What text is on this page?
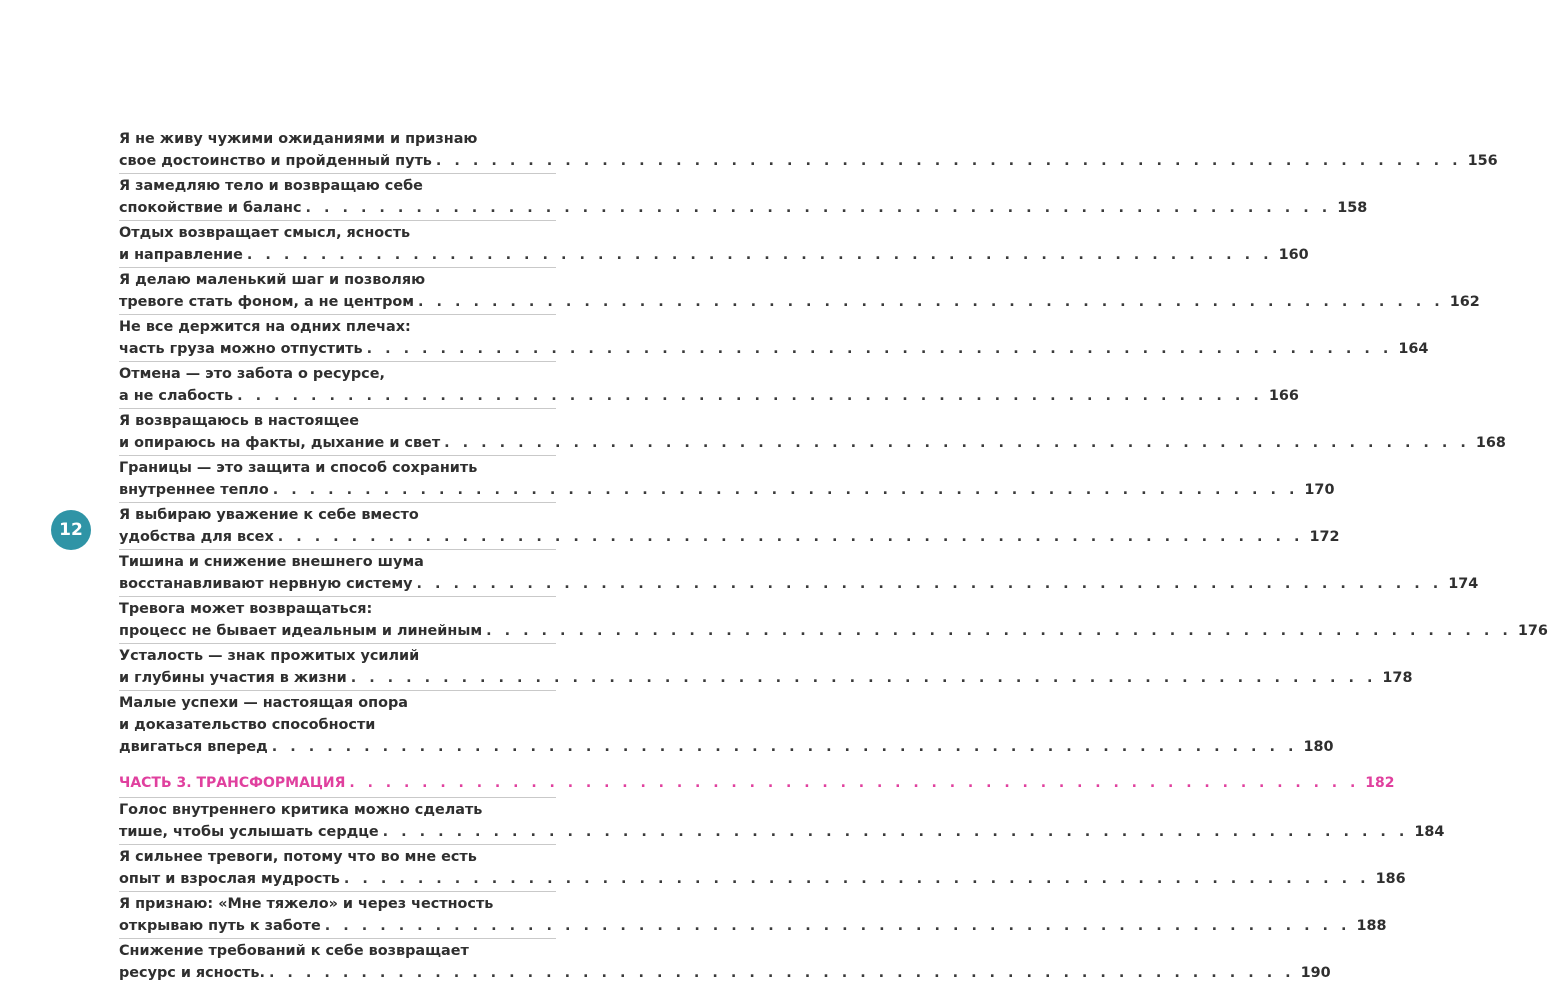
Я не живу чужими ожиданиями и признаю
свое достоинство и пройденный путь . . . . . . . . . . . . . . . . . . . . . . . . . . . . . . . . . . . . . . . . . . . . . . . . . . . . . . . . 156
Я замедляю тело и возвращаю себе
спокойствие и баланс . . . . . . . . . . . . . . . . . . . . . . . . . . . . . . . . . . . . . . . . . . . . . . . . . . . . . . . . 158
Отдых возвращает смысл, ясность
и направление . . . . . . . . . . . . . . . . . . . . . . . . . . . . . . . . . . . . . . . . . . . . . . . . . . . . . . . . 160
Я делаю маленький шаг и позволяю
тревоге стать фоном, а не центром . . . . . . . . . . . . . . . . . . . . . . . . . . . . . . . . . . . . . . . . . . . . . . . . . . . . . . . . 162
Не все держится на одних плечах:
часть груза можно отпустить . . . . . . . . . . . . . . . . . . . . . . . . . . . . . . . . . . . . . . . . . . . . . . . . . . . . . . . . 164
Отмена — это забота о ресурсе,
а не слабость . . . . . . . . . . . . . . . . . . . . . . . . . . . . . . . . . . . . . . . . . . . . . . . . . . . . . . . . 166
Я возвращаюсь в настоящее
и опираюсь на факты, дыхание и свет . . . . . . . . . . . . . . . . . . . . . . . . . . . . . . . . . . . . . . . . . . . . . . . . . . . . . . . . 168
Границы — это защита и способ сохранить
внутреннее тепло . . . . . . . . . . . . . . . . . . . . . . . . . . . . . . . . . . . . . . . . . . . . . . . . . . . . . . . . 170
Я выбираю уважение к себе вместо
удобства для всех . . . . . . . . . . . . . . . . . . . . . . . . . . . . . . . . . . . . . . . . . . . . . . . . . . . . . . . . 172
Тишина и снижение внешнего шума
восстанавливают нервную систему . . . . . . . . . . . . . . . . . . . . . . . . . . . . . . . . . . . . . . . . . . . . . . . . . . . . . . . . 174
Тревога может возвращаться:
процесс не бывает идеальным и линейным . . . . . . . . . . . . . . . . . . . . . . . . . . . . . . . . . . . . . . . . . . . . . . . . . . . . . . . . 176
Усталость — знак прожитых усилий
и глубины участия в жизни . . . . . . . . . . . . . . . . . . . . . . . . . . . . . . . . . . . . . . . . . . . . . . . . . . . . . . . . 178
Малые успехи — настоящая опора
и доказательство способности
двигаться вперед . . . . . . . . . . . . . . . . . . . . . . . . . . . . . . . . . . . . . . . . . . . . . . . . . . . . . . . . 180
ЧАСТЬ 3. ТРАНСФОРМАЦИЯ . . . . . . . . . . . . . . . . . . . . . . . . . . . . . . . . . . . . . . . . . . . . . . . . . . . . . . . . 182
Голос внутреннего критика можно сделать
тише, чтобы услышать сердце . . . . . . . . . . . . . . . . . . . . . . . . . . . . . . . . . . . . . . . . . . . . . . . . . . . . . . . . 184
Я сильнее тревоги, потому что во мне есть
опыт и взрослая мудрость . . . . . . . . . . . . . . . . . . . . . . . . . . . . . . . . . . . . . . . . . . . . . . . . . . . . . . . . 186
Я признаю: «Мне тяжело» и через честность
открываю путь к заботе . . . . . . . . . . . . . . . . . . . . . . . . . . . . . . . . . . . . . . . . . . . . . . . . . . . . . . . . 188
Снижение требований к себе возвращает
ресурс и ясность. . . . . . . . . . . . . . . . . . . . . . . . . . . . . . . . . . . . . . . . . . . . . . . . . . . . . . . . . 190
12
